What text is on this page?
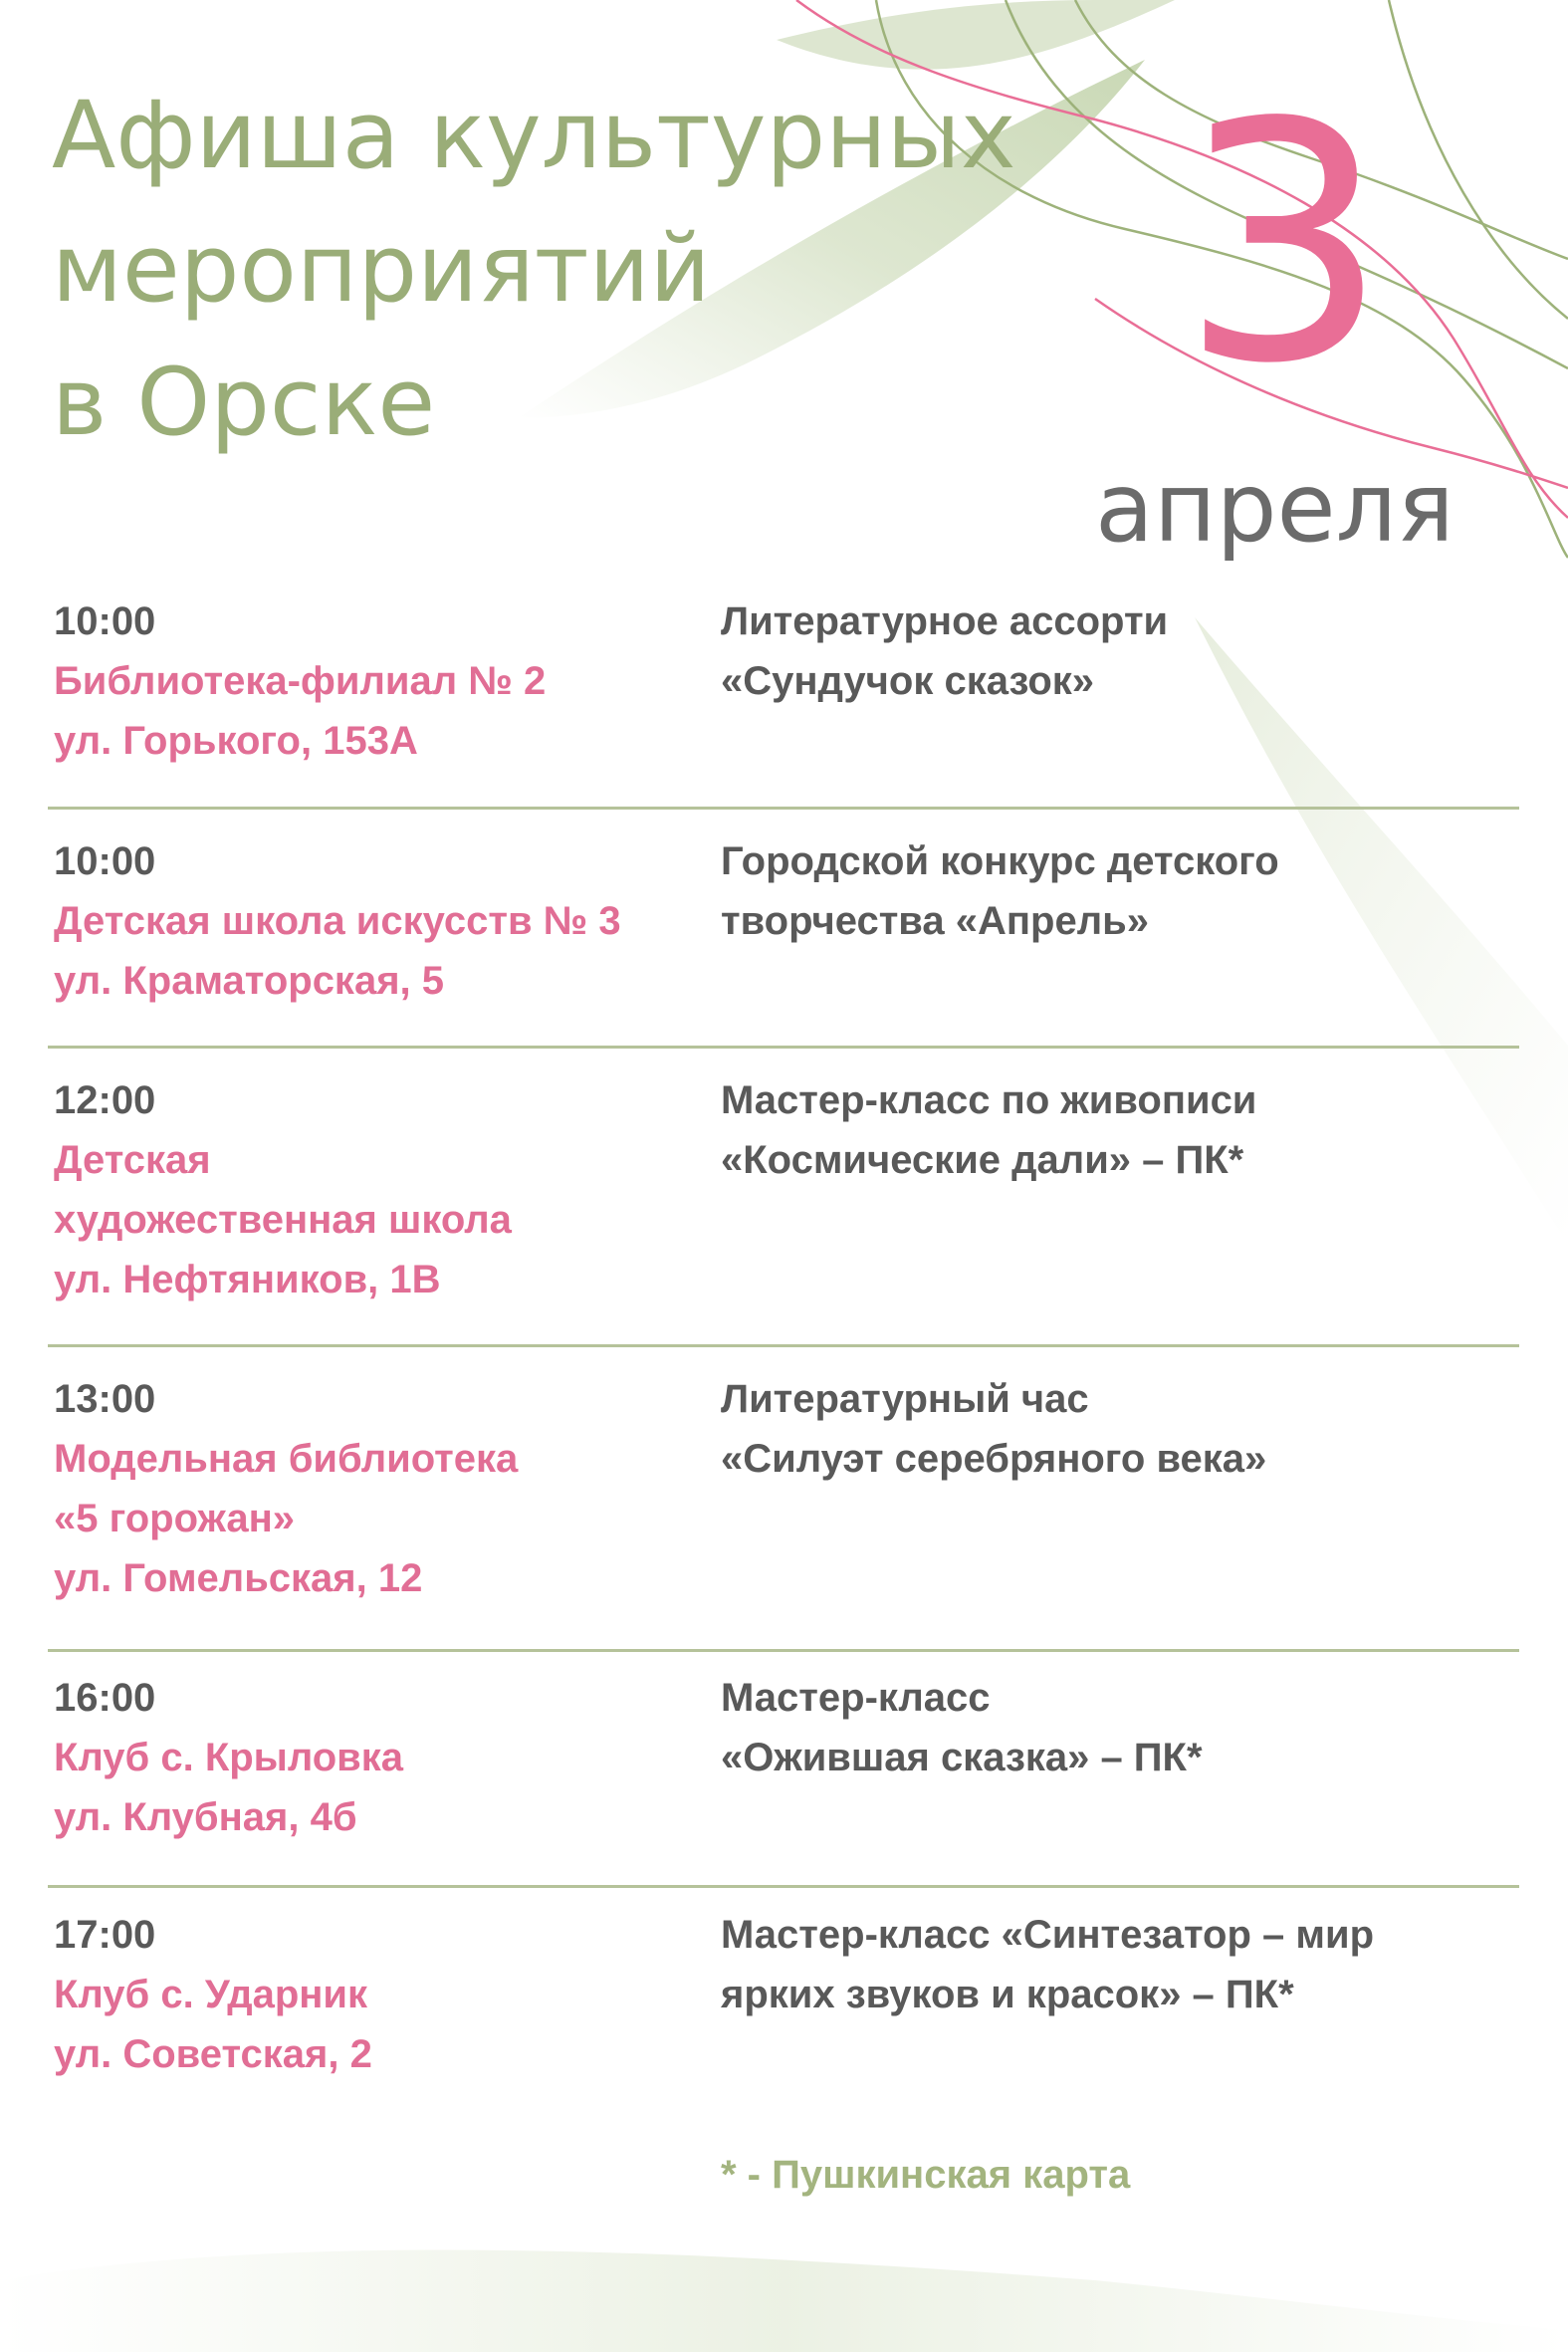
Афиша культурных
мероприятий
в Орске	3
апреля
10:00
Библиотека-филиал № 2
ул. Горького, 153А
Литературное ассорти
«Сундучок сказок»
10:00
Детская школа искусств № 3
ул. Краматорская, 5
Городской конкурс детского
творчества «Апрель»
12:00
Детская
художественная школа
ул. Нефтяников, 1В
Мастер-класс по живописи
«Космические дали» – ПК*
13:00
Модельная библиотека
«5 горожан»
ул. Гомельская, 12
Литературный час
«Силуэт серебряного века»
16:00
Клуб с. Крыловка
ул. Клубная, 4б
Мастер-класс
«Ожившая сказка» – ПК*
17:00
Клуб с. Ударник
ул. Советская, 2
Мастер-класс «Синтезатор – мир
ярких звуков и красок» – ПК*
* - Пушкинская карта
